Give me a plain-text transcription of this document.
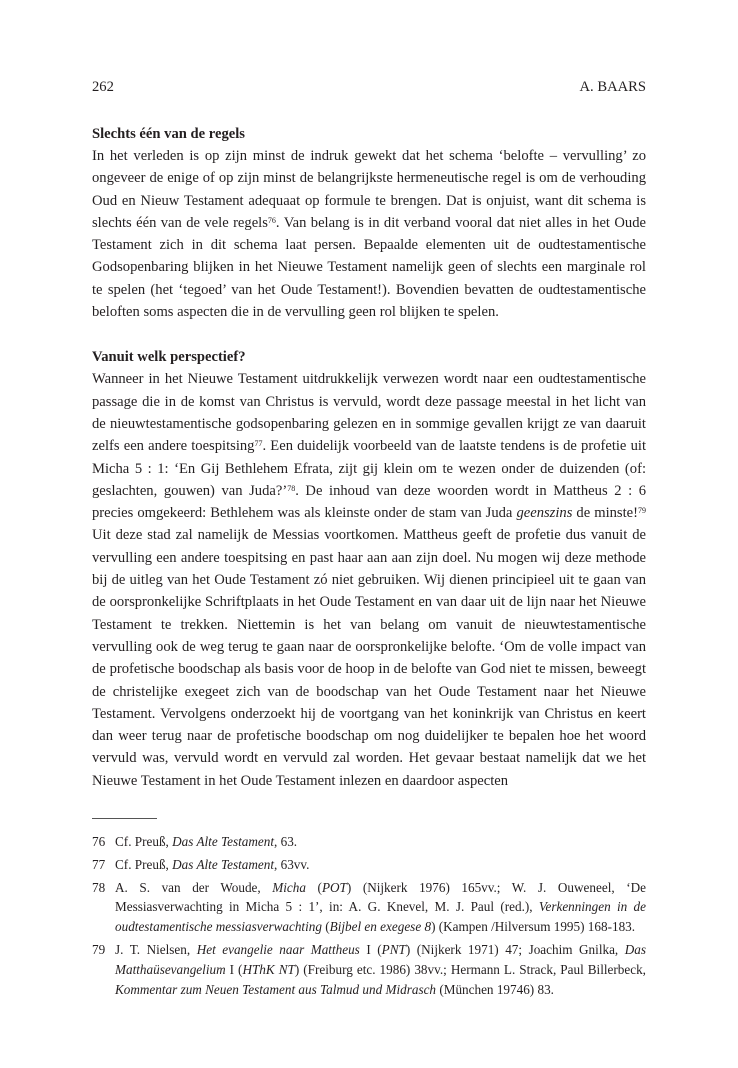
262	A. BAARS
Slechts één van de regels
In het verleden is op zijn minst de indruk gewekt dat het schema ‘belofte – vervulling’ zo ongeveer de enige of op zijn minst de belangrijkste hermeneutische regel is om de verhouding Oud en Nieuw Testament adequaat op formule te brengen. Dat is onjuist, want dit schema is slechts één van de vele regels$^{76}$. Van belang is in dit verband vooral dat niet alles in het Oude Testament zich in dit schema laat persen. Bepaalde elementen uit de oudtestamentische Godsopenbaring blijken in het Nieuwe Testament namelijk geen of slechts een marginale rol te spelen (het ‘tegoed’ van het Oude Testament!). Bovendien bevatten de oudtestamentische beloften soms aspecten die in de vervulling geen rol blijken te spelen.
Vanuit welk perspectief?
Wanneer in het Nieuwe Testament uitdrukkelijk verwezen wordt naar een oudtestamentische passage die in de komst van Christus is vervuld, wordt deze passage meestal in het licht van de nieuwtestamentische godsopenbaring gelezen en in sommige gevallen krijgt ze van daaruit zelfs een andere toespitsing$^{77}$. Een duidelijk voorbeeld van de laatste tendens is de profetie uit Micha 5 : 1: ‘En Gij Bethlehem Efrata, zijt gij klein om te wezen onder de duizenden (of: geslachten, gouwen) van Juda?’$^{78}$. De inhoud van deze woorden wordt in Mattheus 2 : 6 precies omgekeerd: Bethlehem was als kleinste onder de stam van Juda geenszins de minste!$^{79}$ Uit deze stad zal namelijk de Messias voortkomen. Mattheus geeft de profetie dus vanuit de vervulling een andere toespitsing en past haar aan aan zijn doel. Nu mogen wij deze methode bij de uitleg van het Oude Testament zó niet gebruiken. Wij dienen principieel uit te gaan van de oorspronkelijke Schriftplaats in het Oude Testament en van daar uit de lijn naar het Nieuwe Testament te trekken. Niettemin is het van belang om vanuit de nieuwtestamentische vervulling ook de weg terug te gaan naar de oorspronkelijke belofte. ‘Om de volle impact van de profetische boodschap als basis voor de hoop in de belofte van God niet te missen, beweegt de christelijke exegeet zich van de boodschap van het Oude Testament naar het Nieuwe Testament. Vervolgens onderzoekt hij de voortgang van het koninkrijk van Christus en keert dan weer terug naar de profetische boodschap om nog duidelijker te bepalen hoe het woord vervuld was, vervuld wordt en vervuld zal worden. Het gevaar bestaat namelijk dat we het Nieuwe Testament in het Oude Testament inlezen en daardoor aspecten
76 Cf. Preuß, Das Alte Testament, 63.
77 Cf. Preuß, Das Alte Testament, 63vv.
78 A. S. van der Woude, Micha (POT) (Nijkerk 1976) 165vv.; W. J. Ouweneel, ‘De Messiasverwachting in Micha 5 : 1’, in: A. G. Knevel, M. J. Paul (red.), Verkenningen in de oudtestamentische messiasverwachting (Bijbel en exegese 8) (Kampen /Hilversum 1995) 168-183.
79 J. T. Nielsen, Het evangelie naar Mattheus I (PNT) (Nijkerk 1971) 47; Joachim Gnilka, Das Matthaüsevangelium I (HThK NT) (Freiburg etc. 1986) 38vv.; Hermann L. Strack, Paul Billerbeck, Kommentar zum Neuen Testament aus Talmud und Midrasch (München 19746) 83.
